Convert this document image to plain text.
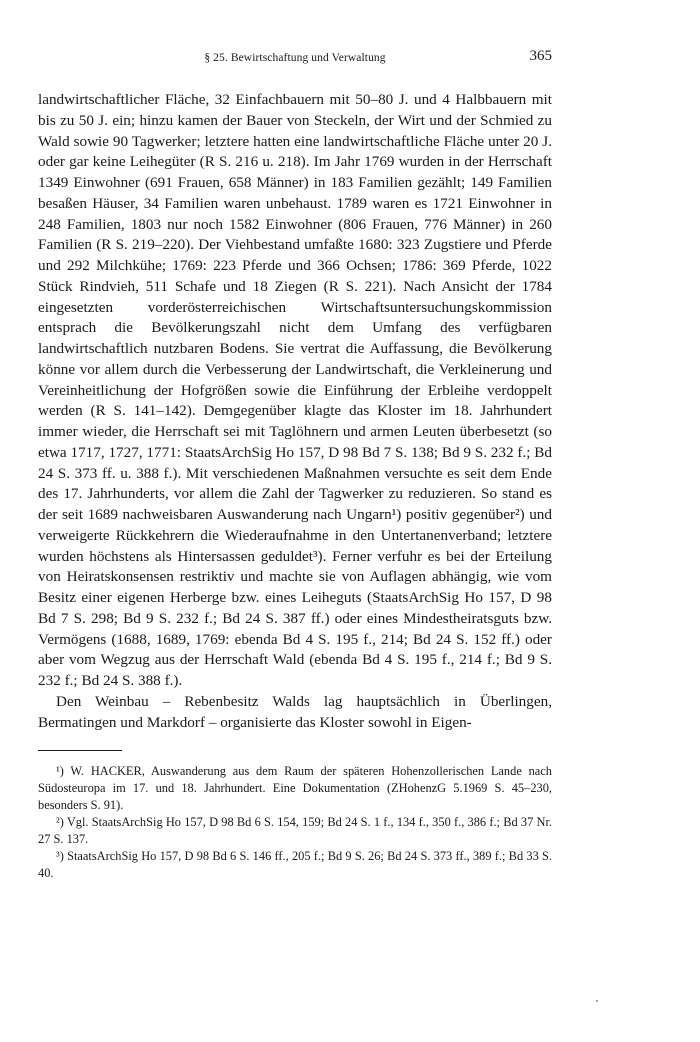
§ 25. Bewirtschaftung und Verwaltung	365

landwirtschaftlicher Fläche, 32 Einfachbauern mit 50–80 J. und 4 Halbbauern mit bis zu 50 J. ein; hinzu kamen der Bauer von Steckeln, der Wirt und der Schmied zu Wald sowie 90 Tagwerker; letztere hatten eine landwirtschaftliche Fläche unter 20 J. oder gar keine Leihegüter (R S. 216 u. 218). Im Jahr 1769 wurden in der Herrschaft 1349 Einwohner (691 Frauen, 658 Männer) in 183 Familien gezählt; 149 Familien besaßen Häuser, 34 Familien waren unbehaust. 1789 waren es 1721 Einwohner in 248 Familien, 1803 nur noch 1582 Einwohner (806 Frauen, 776 Männer) in 260 Familien (R S. 219–220). Der Viehbestand umfaßte 1680: 323 Zugstiere und Pferde und 292 Milchkühe; 1769: 223 Pferde und 366 Ochsen; 1786: 369 Pferde, 1022 Stück Rindvieh, 511 Schafe und 18 Ziegen (R S. 221). Nach Ansicht der 1784 eingesetzten vorderösterreichischen Wirtschaftsuntersuchungskommission entsprach die Bevölkerungszahl nicht dem Umfang des verfügbaren landwirtschaftlich nutzbaren Bodens. Sie vertrat die Auffassung, die Bevölkerung könne vor allem durch die Verbesserung der Landwirtschaft, die Verkleinerung und Vereinheitlichung der Hofgrößen sowie die Einführung der Erbleihe verdoppelt werden (R S. 141–142). Demgegenüber klagte das Kloster im 18. Jahrhundert immer wieder, die Herrschaft sei mit Taglöhnern und armen Leuten überbesetzt (so etwa 1717, 1727, 1771: StaatsArchSig Ho 157, D 98 Bd 7 S. 138; Bd 9 S. 232 f.; Bd 24 S. 373 ff. u. 388 f.). Mit verschiedenen Maßnahmen versuchte es seit dem Ende des 17. Jahrhunderts, vor allem die Zahl der Tagwerker zu reduzieren. So stand es der seit 1689 nachweisbaren Auswanderung nach Ungarn¹) positiv gegenüber²) und verweigerte Rückkehrern die Wiederaufnahme in den Untertanenverband; letztere wurden höchstens als Hintersassen geduldet³). Ferner verfuhr es bei der Erteilung von Heiratskonsensen restriktiv und machte sie von Auflagen abhängig, wie vom Besitz einer eigenen Herberge bzw. eines Leiheguts (StaatsArchSig Ho 157, D 98 Bd 7 S. 298; Bd 9 S. 232 f.; Bd 24 S. 387 ff.) oder eines Mindestheiratsguts bzw. Vermögens (1688, 1689, 1769: ebenda Bd 4 S. 195 f., 214; Bd 24 S. 152 ff.) oder aber vom Wegzug aus der Herrschaft Wald (ebenda Bd 4 S. 195 f., 214 f.; Bd 9 S. 232 f.; Bd 24 S. 388 f.).

Den Weinbau – Rebenbesitz Walds lag hauptsächlich in Überlingen, Bermatingen und Markdorf – organisierte das Kloster sowohl in Eigen-

¹) W. HACKER, Auswanderung aus dem Raum der späteren Hohenzollerischen Lande nach Südosteuropa im 17. und 18. Jahrhundert. Eine Dokumentation (ZHohenzG 5.1969 S. 45–230, besonders S. 91).

²) Vgl. StaatsArchSig Ho 157, D 98 Bd 6 S. 154, 159; Bd 24 S. 1 f., 134 f., 350 f., 386 f.; Bd 37 Nr. 27 S. 137.

³) StaatsArchSig Ho 157, D 98 Bd 6 S. 146 ff., 205 f.; Bd 9 S. 26; Bd 24 S. 373 ff., 389 f.; Bd 33 S. 40.
